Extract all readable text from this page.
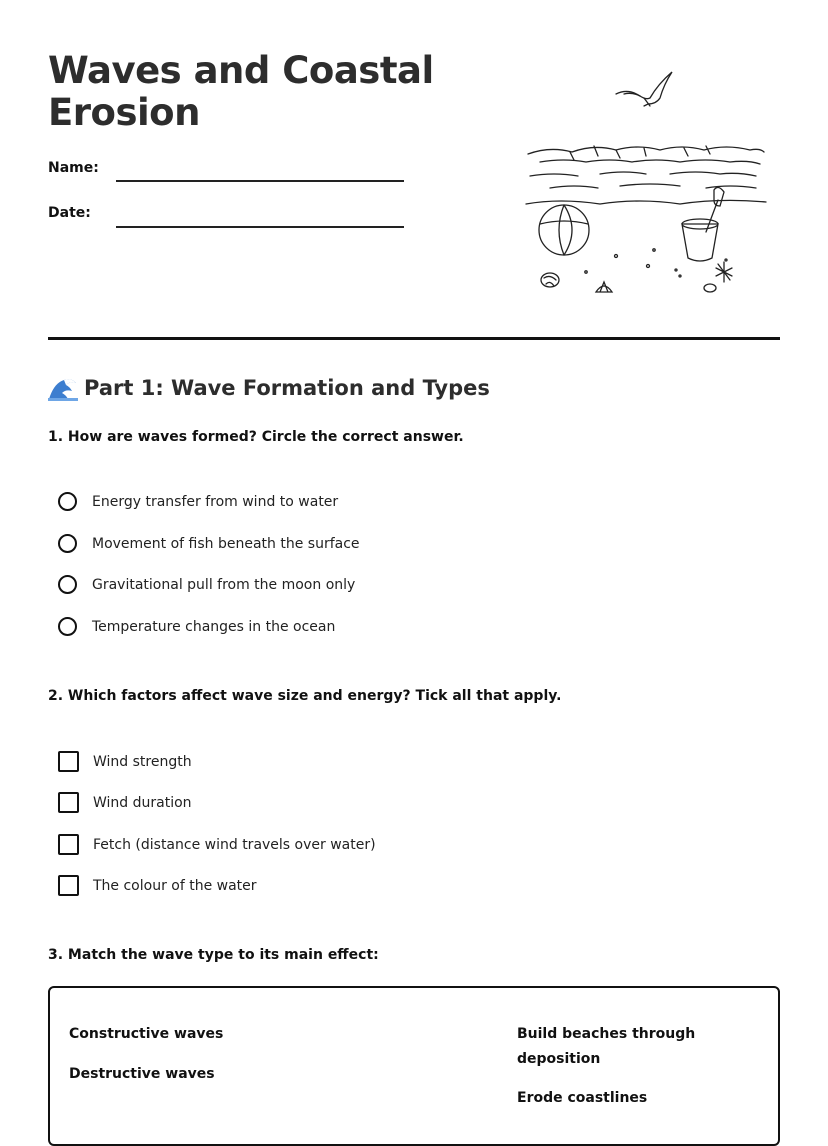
Waves and Coastal Erosion
Name:
Date:
Part 1: Wave Formation and Types
1. How are waves formed? Circle the correct answer.
Energy transfer from wind to water
Movement of fish beneath the surface
Gravitational pull from the moon only
Temperature changes in the ocean
2. Which factors affect wave size and energy? Tick all that apply.
Wind strength
Wind duration
Fetch (distance wind travels over water)
The colour of the water
3. Match the wave type to its main effect:
Constructive waves
Destructive waves
Build beaches through deposition
Erode coastlines
